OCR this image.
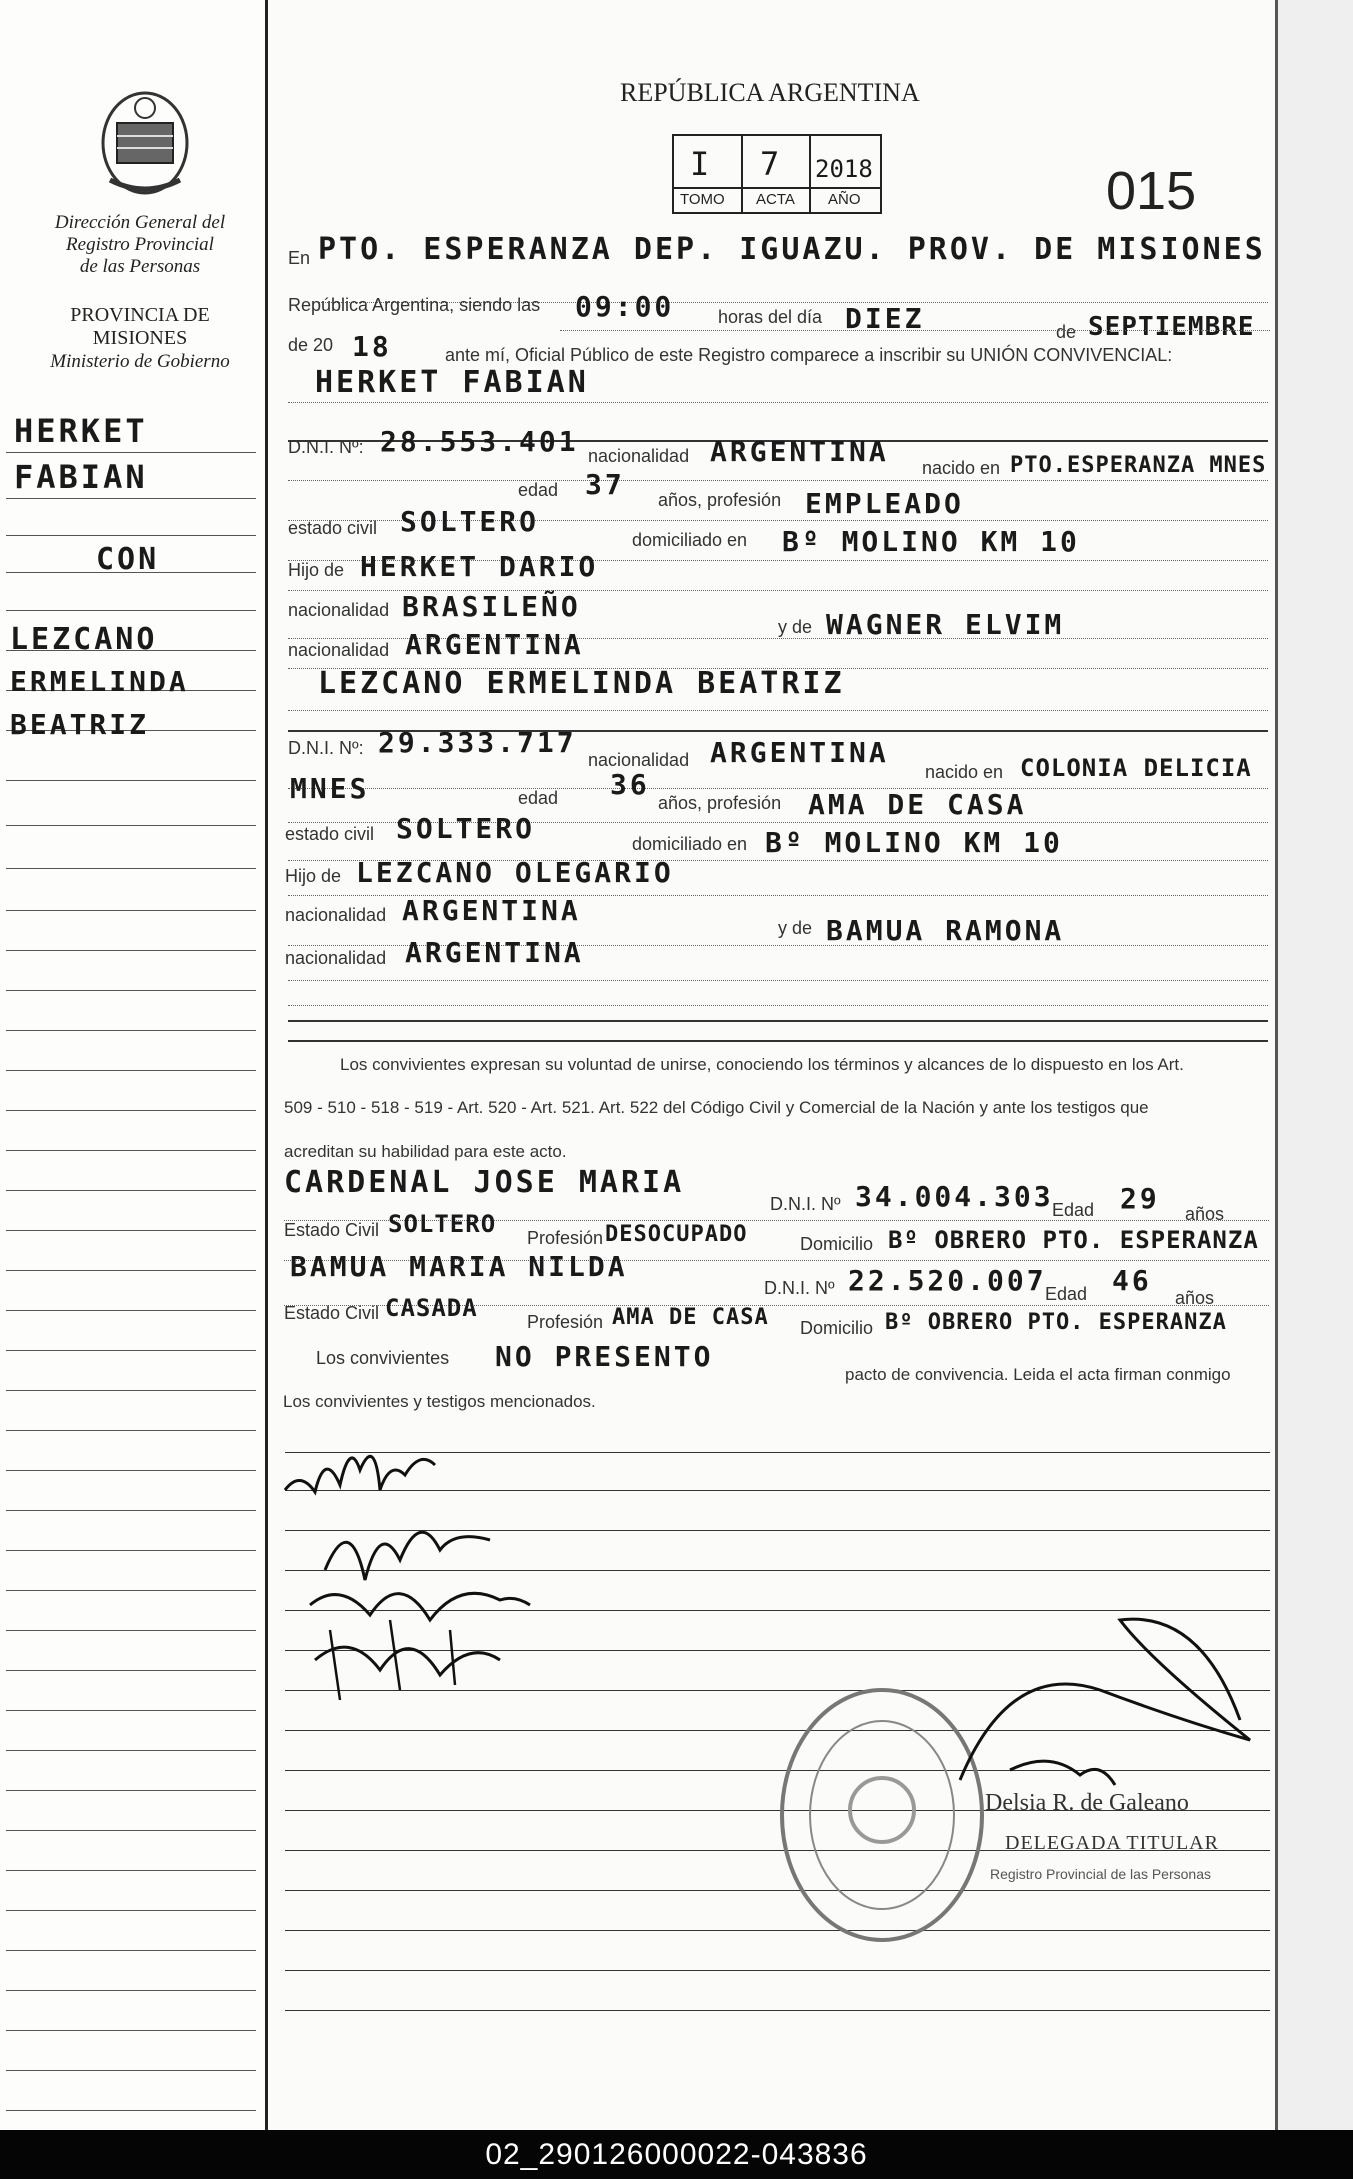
Dirección General del
Registro Provincial
de las Personas
PROVINCIA DE
MISIONES
Ministerio de Gobierno
HERKET
FABIAN
CON
LEZCANO
ERMELINDA
BEATRIZ
REPÚBLICA ARGENTINA
I 7 2018
TOMO ACTA AÑO	015
En PTO. ESPERANZA DEP. IGUAZU. PROV. DE MISIONES
República Argentina, siendo las 09:00 horas del día DIEZ	de SEPTIEMBRE
de 20 18	ante mí, Oficial Público de este Registro comparece a inscribir su UNIÓN CONVIVENCIAL:
HERKET FABIAN
D.N.I. Nº: 28.553.401 nacionalidad ARGENTINA nacido en PTO.ESPERANZA MNES
edad 37 años, profesión EMPLEADO
estado civil SOLTERO
domiciliado en Bº MOLINO KM 10
Hijo de HERKET DARIO
nacionalidad BRASILEÑO
y de WAGNER ELVIM
nacionalidad ARGENTINA
LEZCANO ERMELINDA BEATRIZ
D.N.I. Nº: 29.333.717
nacionalidad ARGENTINA
nacido en COLONIA DELICIA
MNES	edad 36
años, profesión AMA DE CASA
estado civil SOLTERO	domiciliado en Bº MOLINO KM 10
Hijo de LEZCANO OLEGARIO
nacionalidad ARGENTINA
y de BAMUA RAMONA
nacionalidad ARGENTINA
Los convivientes expresan su voluntad de unirse, conociendo los términos y alcances de lo dispuesto en los Art.
509 - 510 - 518 - 519 - Art. 520 - Art. 521. Art. 522 del Código Civil y Comercial de la Nación y ante los testigos que
acreditan su habilidad para este acto.
CARDENAL JOSE MARIA
D.N.I. Nº 34.004.303
Edad 29 años
Estado Civil SOLTERO Profesión DESOCUPADO	Domicilio Bº OBRERO PTO. ESPERANZA
BAMUA MARIA NILDA
D.N.I. Nº 22.520.007
Edad 46
años
Estado Civil CASADA	Profesión AMA DE CASA Domicilio Bº OBRERO PTO. ESPERANZA
Los convivientes NO PRESENTO
pacto de convivencia. Leida el acta firman conmigo
Los convivientes y testigos mencionados.
Delsia R. de Galeano
DELEGADA TITULAR
Registro Provincial de las Personas
02_290126000022-043836
